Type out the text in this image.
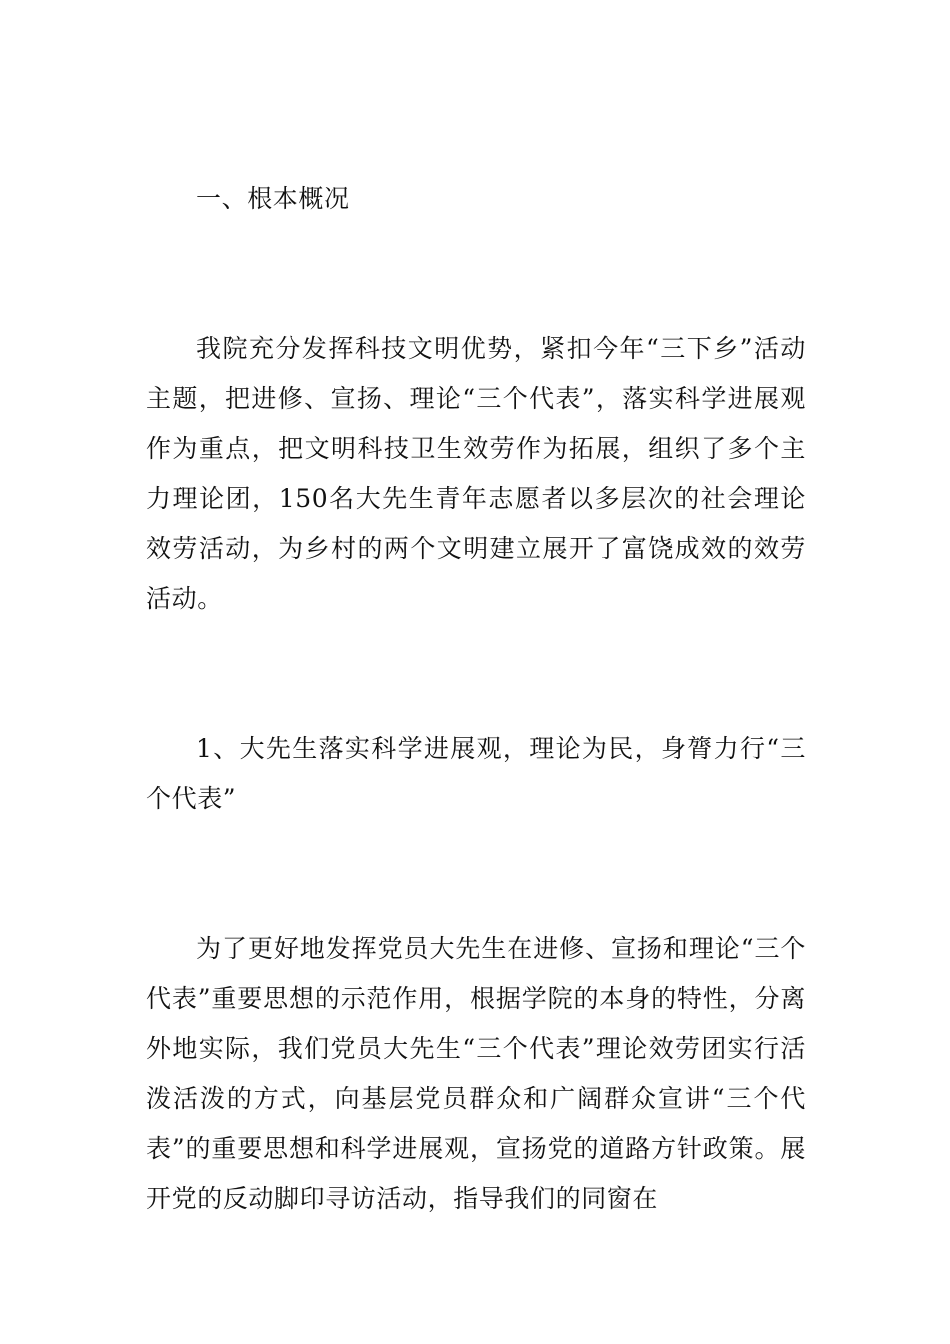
一、根本概况

我院充分发挥科技文明优势，紧扣今年“三下乡”活动主题，把进修、宣扬、理论“三个代表”，落实科学进展观作为重点，把文明科技卫生效劳作为拓展，组织了多个主力理论团，150名大先生青年志愿者以多层次的社会理论效劳活动，为乡村的两个文明建立展开了富饶成效的效劳活动。

1、大先生落实科学进展观，理论为民，身膂力行“三个代表”

为了更好地发挥党员大先生在进修、宣扬和理论“三个代表”重要思想的示范作用，根据学院的本身的特性，分离外地实际，我们党员大先生“三个代表”理论效劳团实行活泼活泼的方式，向基层党员群众和广阔群众宣讲“三个代表”的重要思想和科学进展观，宣扬党的道路方针政策。展开党的反动脚印寻访活动，指导我们的同窗在
